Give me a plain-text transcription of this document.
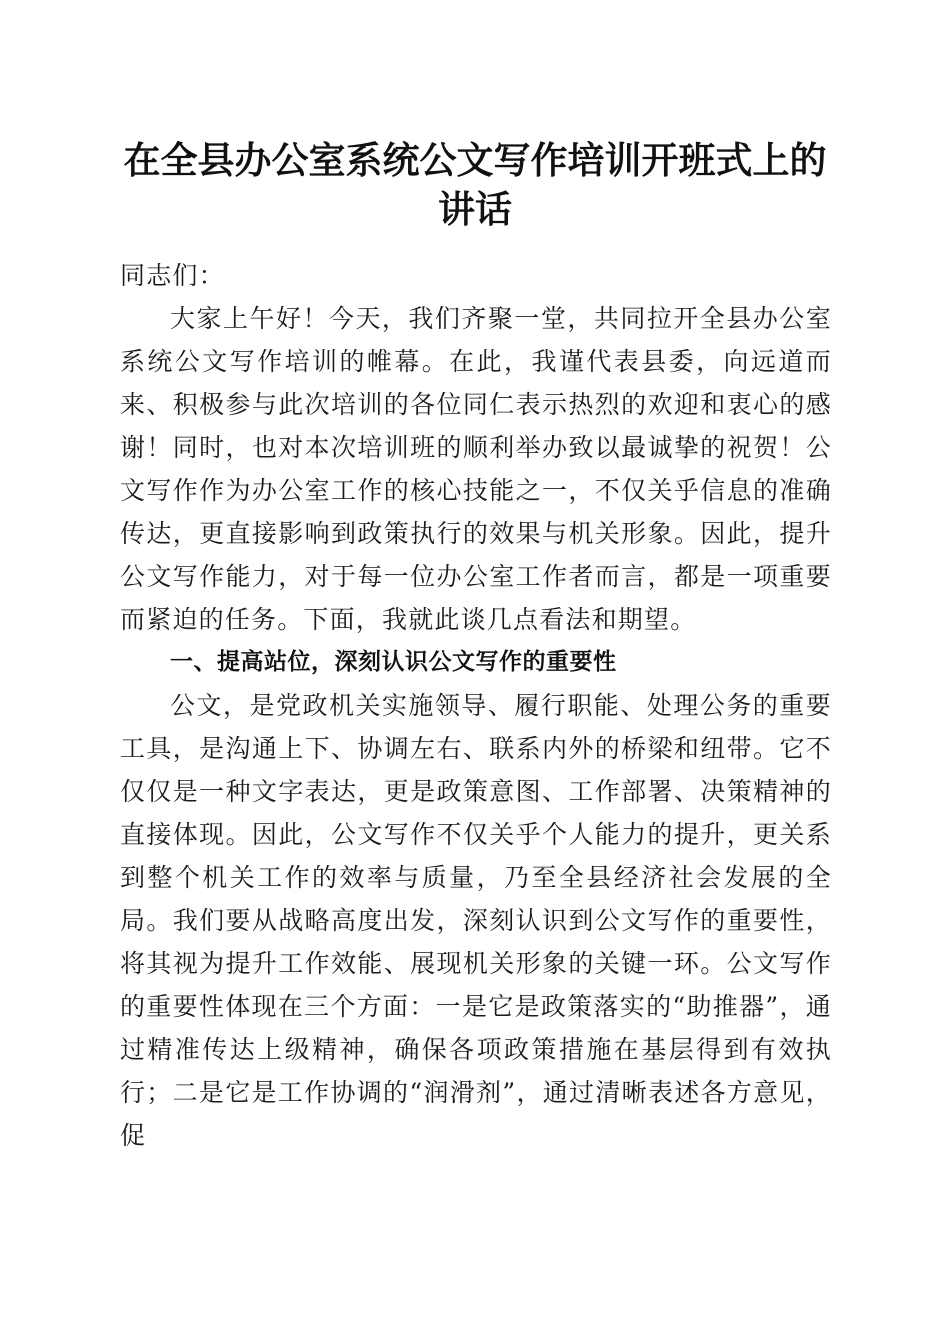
在全县办公室系统公文写作培训开班式上的讲话

同志们：

大家上午好！今天，我们齐聚一堂，共同拉开全县办公室系统公文写作培训的帷幕。在此，我谨代表县委，向远道而来、积极参与此次培训的各位同仁表示热烈的欢迎和衷心的感谢！同时，也对本次培训班的顺利举办致以最诚挚的祝贺！公文写作作为办公室工作的核心技能之一，不仅关乎信息的准确传达，更直接影响到政策执行的效果与机关形象。因此，提升公文写作能力，对于每一位办公室工作者而言，都是一项重要而紧迫的任务。下面，我就此谈几点看法和期望。

一、提高站位，深刻认识公文写作的重要性

公文，是党政机关实施领导、履行职能、处理公务的重要工具，是沟通上下、协调左右、联系内外的桥梁和纽带。它不仅仅是一种文字表达，更是政策意图、工作部署、决策精神的直接体现。因此，公文写作不仅关乎个人能力的提升，更关系到整个机关工作的效率与质量，乃至全县经济社会发展的全局。我们要从战略高度出发，深刻认识到公文写作的重要性，将其视为提升工作效能、展现机关形象的关键一环。公文写作的重要性体现在三个方面：一是它是政策落实的“助推器”，通过精准传达上级精神，确保各项政策措施在基层得到有效执行；二是它是工作协调的“润滑剂”，通过清晰表述各方意见，促
